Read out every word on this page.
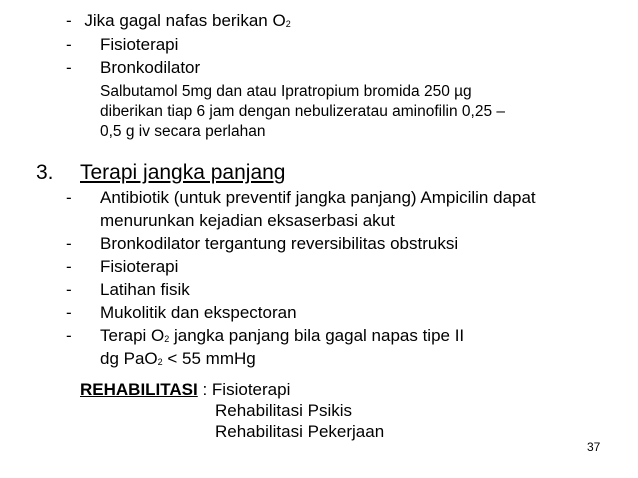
- Jika gagal nafas berikan O2
- Fisioterapi
- Bronkodilator
Salbutamol 5mg dan atau Ipratropium bromida 250 µg
diberikan tiap 6 jam dengan nebulizeratau aminofilin 0,25 –
0,5 g iv secara perlahan
3. Terapi jangka panjang
- Antibiotik (untuk preventif jangka panjang) Ampicilin dapat
menurunkan kejadian eksaserbasi akut
- Bronkodilator tergantung reversibilitas obstruksi
- Fisioterapi
- Latihan fisik
- Mukolitik dan ekspectoran
- Terapi O2 jangka panjang bila gagal napas tipe II
dg PaO2 < 55 mmHg
REHABILITASI : Fisioterapi
Rehabilitasi Psikis
Rehabilitasi Pekerjaan
37
